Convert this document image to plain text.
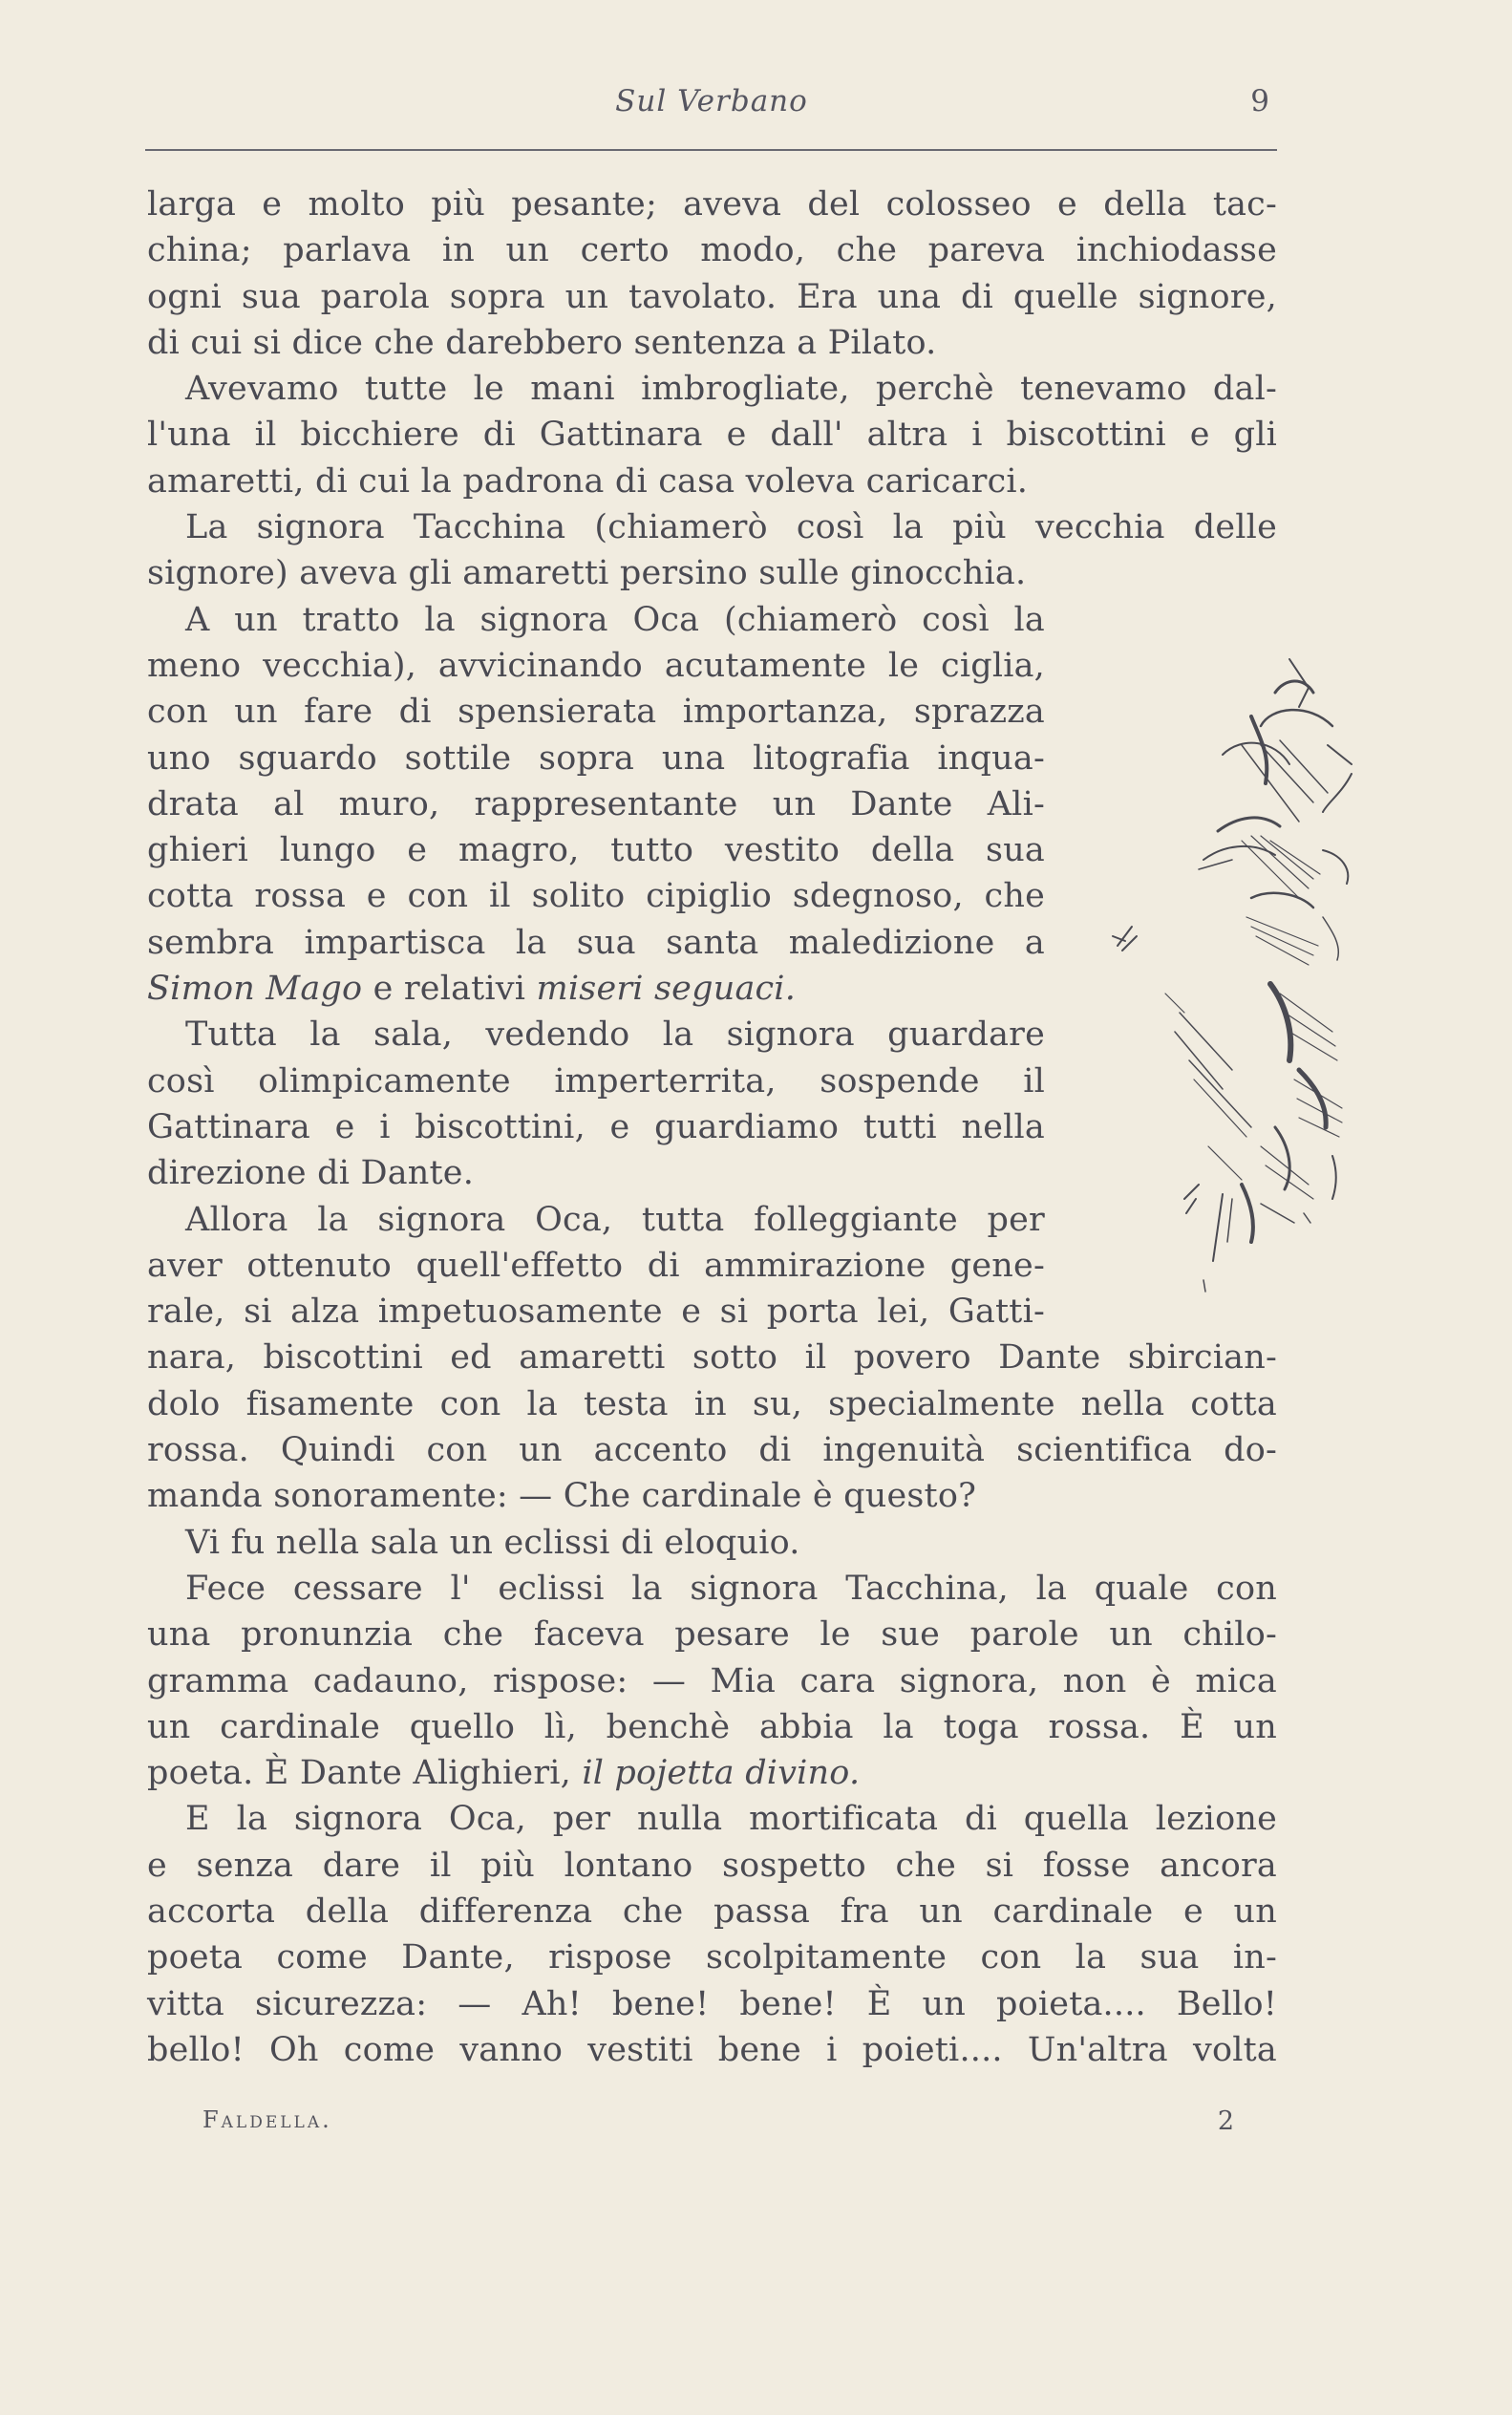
Sul Verbano	9
larga e molto più pesante; aveva del colosseo e della tac-
china; parlava in un certo modo, che pareva inchiodasse
ogni sua parola sopra un tavolato. Era una di quelle signore,
di cui si dice che darebbero sentenza a Pilato.
Avevamo tutte le mani imbrogliate, perchè tenevamo dal-
l'una il bicchiere di Gattinara e dall' altra i biscottini e gli
amaretti, di cui la padrona di casa voleva caricarci.
La signora Tacchina (chiamerò così la più vecchia delle
signore) aveva gli amaretti persino sulle ginocchia.
A un tratto la signora Oca (chiamerò così la
meno vecchia), avvicinando acutamente le ciglia,
con un fare di spensierata importanza, sprazza
uno sguardo sottile sopra una litografia inqua-
drata al muro, rappresentante un Dante Ali-
ghieri lungo e magro, tutto vestito della sua
cotta rossa e con il solito cipiglio sdegnoso, che
sembra impartisca la sua santa maledizione a
Simon Mago e relativi miseri seguaci.
Tutta la sala, vedendo la signora guardare
così olimpicamente imperterrita, sospende il
Gattinara e i biscottini, e guardiamo tutti nella
direzione di Dante.
Allora la signora Oca, tutta folleggiante per
aver ottenuto quell'effetto di ammirazione gene-
rale, si alza impetuosamente e si porta lei, Gatti-
nara, biscottini ed amaretti sotto il povero Dante sbircian-
dolo fisamente con la testa in su, specialmente nella cotta
rossa. Quindi con un accento di ingenuità scientifica do-
manda sonoramente: — Che cardinale è questo?
Vi fu nella sala un eclissi di eloquio.
Fece cessare l' eclissi la signora Tacchina, la quale con
una pronunzia che faceva pesare le sue parole un chilo-
gramma cadauno, rispose: — Mia cara signora, non è mica
un cardinale quello lì, benchè abbia la toga rossa. È un
poeta. È Dante Alighieri, il pojetta divino.
E la signora Oca, per nulla mortificata di quella lezione
e senza dare il più lontano sospetto che si fosse ancora
accorta della differenza che passa fra un cardinale e un
poeta come Dante, rispose scolpitamente con la sua in-
vitta sicurezza: — Ah! bene! bene! È un poieta.... Bello!
bello! Oh come vanno vestiti bene i poieti.... Un'altra volta
Faldella.	2
